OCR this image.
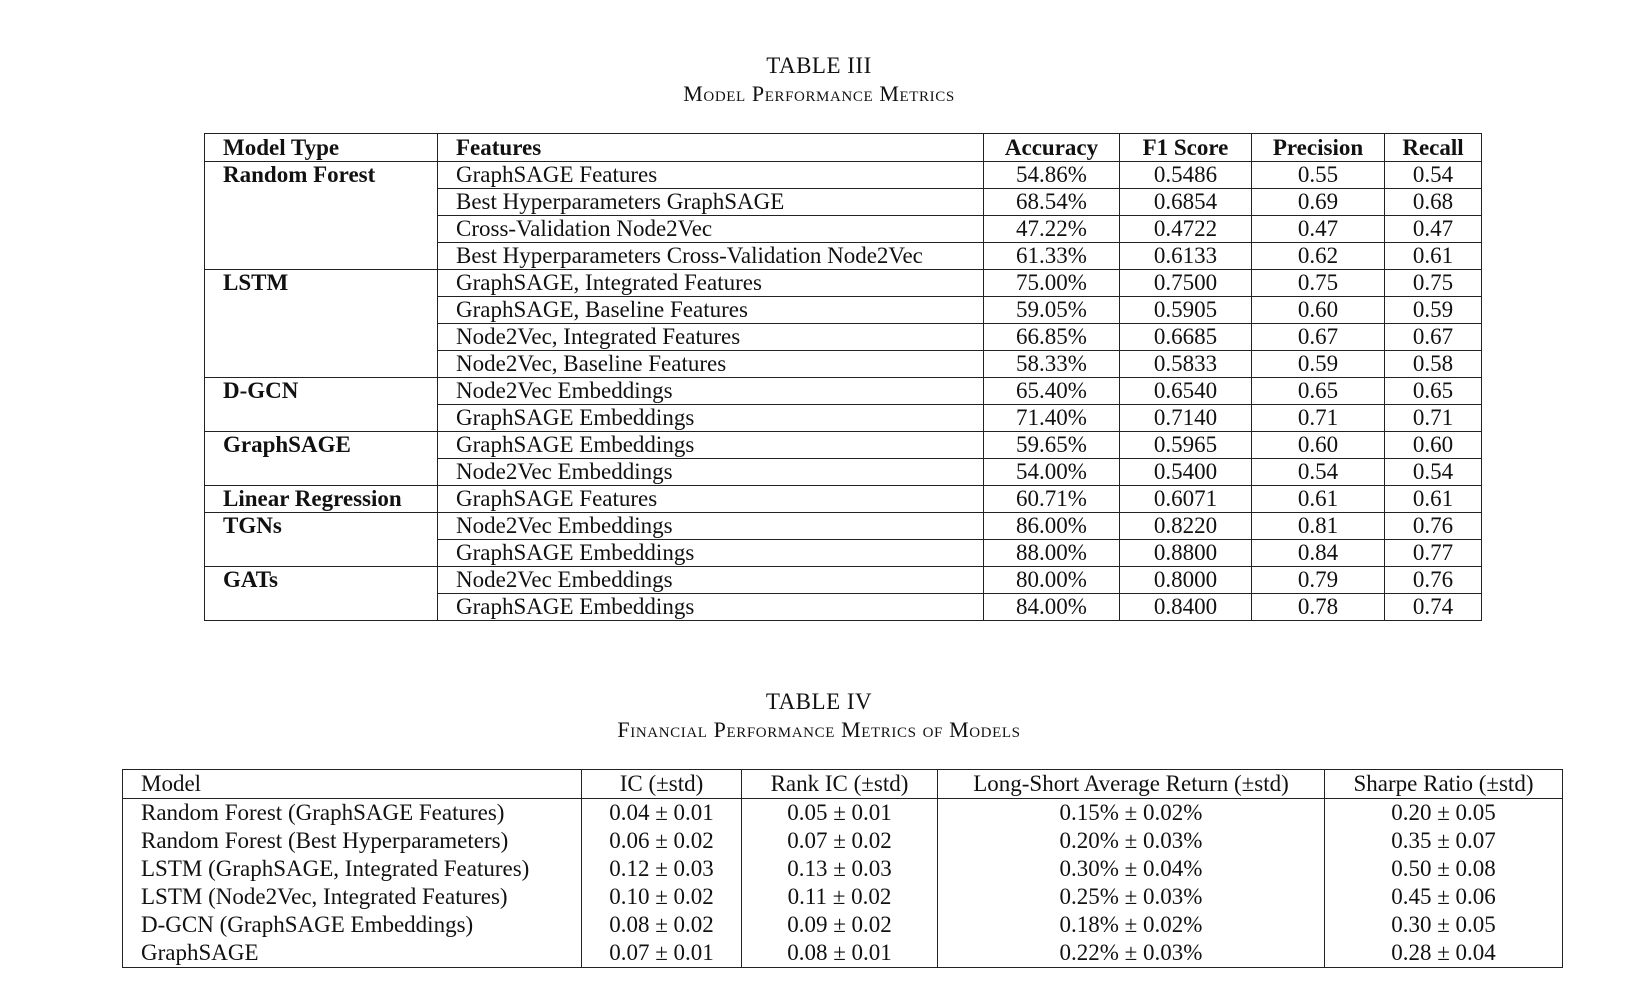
TABLE III
Model Performance Metrics
Model Type	Features	Accuracy	F1 Score	Precision	Recall
Random Forest	GraphSAGE Features	54.86%	0.5486	0.55	0.54
	Best Hyperparameters GraphSAGE	68.54%	0.6854	0.69	0.68
	Cross-Validation Node2Vec	47.22%	0.4722	0.47	0.47
	Best Hyperparameters Cross-Validation Node2Vec	61.33%	0.6133	0.62	0.61
LSTM	GraphSAGE, Integrated Features	75.00%	0.7500	0.75	0.75
	GraphSAGE, Baseline Features	59.05%	0.5905	0.60	0.59
	Node2Vec, Integrated Features	66.85%	0.6685	0.67	0.67
	Node2Vec, Baseline Features	58.33%	0.5833	0.59	0.58
D-GCN	Node2Vec Embeddings	65.40%	0.6540	0.65	0.65
	GraphSAGE Embeddings	71.40%	0.7140	0.71	0.71
GraphSAGE	GraphSAGE Embeddings	59.65%	0.5965	0.60	0.60
	Node2Vec Embeddings	54.00%	0.5400	0.54	0.54
Linear Regression	GraphSAGE Features	60.71%	0.6071	0.61	0.61
TGNs	Node2Vec Embeddings	86.00%	0.8220	0.81	0.76
	GraphSAGE Embeddings	88.00%	0.8800	0.84	0.77
GATs	Node2Vec Embeddings	80.00%	0.8000	0.79	0.76
	GraphSAGE Embeddings	84.00%	0.8400	0.78	0.74
TABLE IV
Financial Performance Metrics of Models
Model	IC (±std)	Rank IC (±std)	Long-Short Average Return (±std)	Sharpe Ratio (±std)
Random Forest (GraphSAGE Features)	0.04 ± 0.01	0.05 ± 0.01	0.15% ± 0.02%	0.20 ± 0.05
Random Forest (Best Hyperparameters)	0.06 ± 0.02	0.07 ± 0.02	0.20% ± 0.03%	0.35 ± 0.07
LSTM (GraphSAGE, Integrated Features)	0.12 ± 0.03	0.13 ± 0.03	0.30% ± 0.04%	0.50 ± 0.08
LSTM (Node2Vec, Integrated Features)	0.10 ± 0.02	0.11 ± 0.02	0.25% ± 0.03%	0.45 ± 0.06
D-GCN (GraphSAGE Embeddings)	0.08 ± 0.02	0.09 ± 0.02	0.18% ± 0.02%	0.30 ± 0.05
GraphSAGE	0.07 ± 0.01	0.08 ± 0.01	0.22% ± 0.03%	0.28 ± 0.04
